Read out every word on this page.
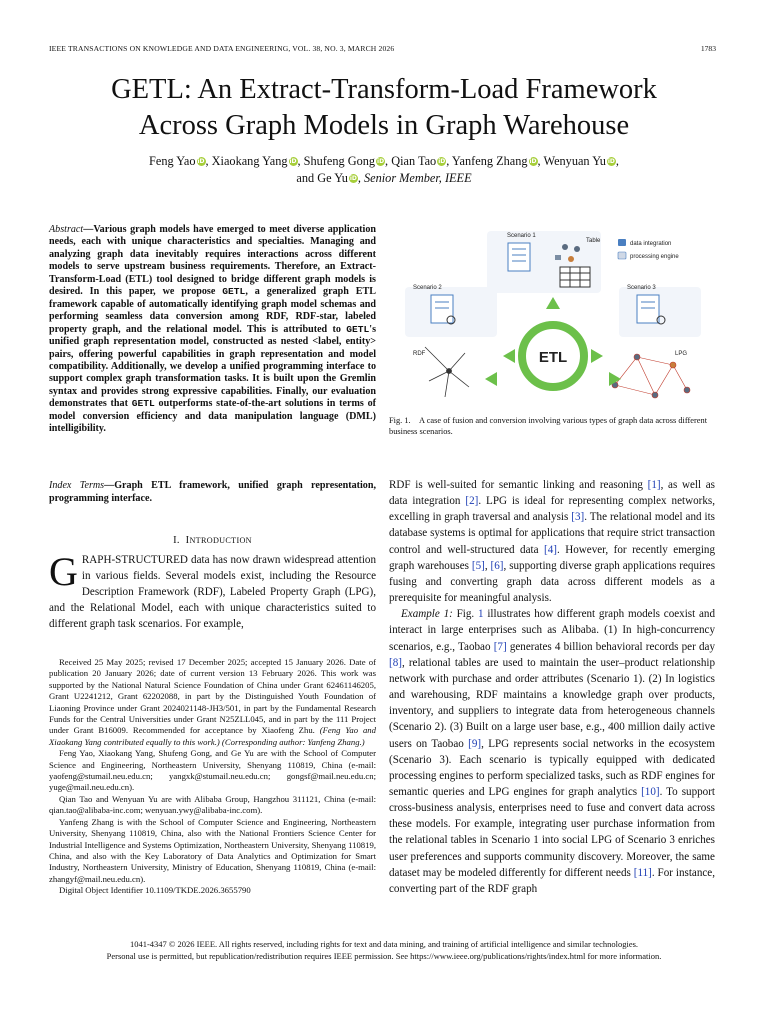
IEEE TRANSACTIONS ON KNOWLEDGE AND DATA ENGINEERING, VOL. 38, NO. 3, MARCH 2026	1783
GETL: An Extract-Transform-Load Framework
Across Graph Models in Graph Warehouse
Feng Yao iD, Xiaokang Yang iD, Shufeng Gong iD, Qian Tao iD, Yanfeng Zhang iD, Wenyuan Yu iD,
and Ge Yu iD, Senior Member, IEEE
Abstract—Various graph models have emerged to meet diverse application needs, each with unique characteristics and specialties. Managing and analyzing graph data inevitably requires interactions across different models to serve upstream business requirements. Therefore, an Extract-Transform-Load (ETL) tool designed to bridge different graph models is desired. In this paper, we propose GETL, a generalized graph ETL framework capable of automatically identifying graph model schemas and performing seamless data conversion among RDF, RDF-star, labeled property graph, and the relational model. This is attributed to GETL's unified graph representation model, constructed as nested <label, entity> pairs, offering powerful capabilities in graph representation and model compatibility. Additionally, we develop a unified programming interface to support complex graph transformation tasks. It is built upon the Gremlin syntax and provides strong expressive capabilities. Finally, our evaluation demonstrates that GETL outperforms state-of-the-art solutions in terms of model conversion efficiency and data manipulation language (DML) intelligibility.
Index Terms—Graph ETL framework, unified graph representation, programming interface.
I. INTRODUCTION
GRAPH-STRUCTURED data has now drawn widespread attention in various fields. Several models exist, including the Resource Description Framework (RDF), Labeled Property Graph (LPG), and the Relational Model, each with unique characteristics suited to different graph task scenarios. For example,

Received 25 May 2025; revised 17 December 2025; accepted 15 January 2026. Date of publication 20 January 2026; date of current version 13 February 2026. This work was supported by the National Natural Science Foundation of China under Grant 62461146205, Grant U2241212, Grant 62202088, in part by the Distinguished Youth Foundation of Liaoning Province under Grant 2024021148-JH3/501, in part by the Fundamental Research Funds for the Central Universities under Grant N25ZLL045, and in part by the 111 Project under Grant B16009. Recommended for acceptance by Xiaofeng Zhu. (Feng Yao and Xiaokang Yang contributed equally to this work.) (Corresponding author: Yanfeng Zhang.)

Feng Yao, Xiaokang Yang, Shufeng Gong, and Ge Yu are with the School of Computer Science and Engineering, Northeastern University, Shenyang 110819, China (e-mail: yaofeng@stumail.neu.edu.cn; yangxk@stumail.neu.edu.cn; gongsf@mail.neu.edu.cn; yuge@mail.neu.edu.cn).

Qian Tao and Wenyuan Yu are with Alibaba Group, Hangzhou 311121, China (e-mail: qian.tao@alibaba-inc.com; wenyuan.ywy@alibaba-inc.com).

Yanfeng Zhang is with the School of Computer Science and Engineering, Northeastern University, Shenyang 110819, China, also with the National Frontiers Science Center for Industrial Intelligence and Systems Optimization, Northeastern University, Shenyang 110819, China, and also with the Key Laboratory of Data Analytics and Optimization for Smart Industry, Northeastern University, Ministry of Education, Shenyang 110819, China (e-mail: zhangyf@mail.neu.edu.cn).

Digital Object Identifier 10.1109/TKDE.2026.3655790

Scenario 1
Scenario 2	Scenario 3
Table	data integration
processing engine
RDF	LPG
ETL
Fig. 1. A case of fusion and conversion involving various types of graph data across different business scenarios.

RDF is well-suited for semantic linking and reasoning [1], as well as data integration [2]. LPG is ideal for representing complex networks, excelling in graph traversal and analysis [3]. The relational model and its database systems is optimal for applications that require strict transaction control and well-structured data [4]. However, for recently emerging graph warehouses [5], [6], supporting diverse graph applications requires fusing and converting graph data across different models as a prerequisite for meaningful analysis.

Example 1: Fig. 1 illustrates how different graph models coexist and interact in large enterprises such as Alibaba. (1) In high-concurrency scenarios, e.g., Taobao [7] generates 4 billion behavioral records per day [8], relational tables are used to maintain the user–product relationship network with purchase and order attributes (Scenario 1). (2) In logistics and warehousing, RDF maintains a knowledge graph over products, inventory, and suppliers to integrate data from heterogeneous channels (Scenario 2). (3) Built on a large user base, e.g., 400 million daily active users on Taobao [9], LPG represents social networks in the ecosystem (Scenario 3). Each scenario is typically equipped with dedicated processing engines to perform specialized tasks, such as RDF engines for semantic queries and LPG engines for graph analytics [10]. To support cross-business analysis, enterprises need to fuse and convert data across these models. For example, integrating user purchase information from the relational tables in Scenario 1 into social LPG of Scenario 3 enriches user preferences and supports community discovery. Moreover, the same dataset may be modeled differently for different needs [11]. For instance, converting part of the RDF graph

1041-4347 © 2026 IEEE. All rights reserved, including rights for text and data mining, and training of artificial intelligence and similar technologies.
Personal use is permitted, but republication/redistribution requires IEEE permission. See https://www.ieee.org/publications/rights/index.html for more information.
